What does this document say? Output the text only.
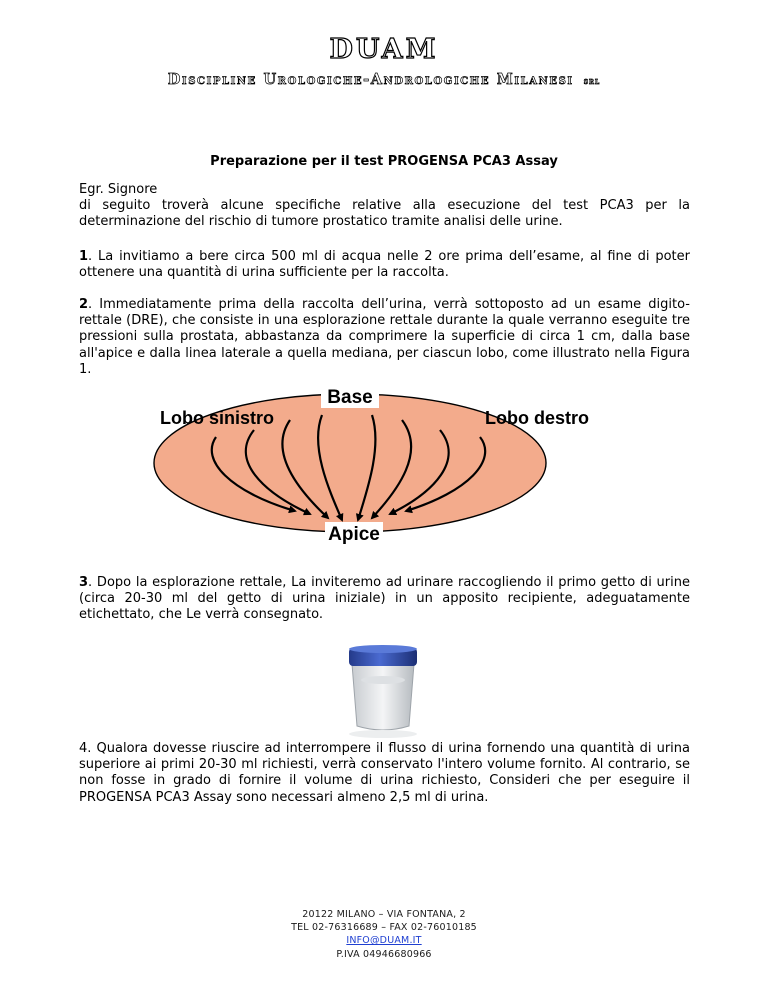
DUAM
Discipline Urologiche-Andrologiche Milanesi srl
Preparazione per il test PROGENSA PCA3 Assay
Egr. Signore
di seguito troverà alcune specifiche relative alla esecuzione del test PCA3 per la determinazione del rischio di tumore prostatico tramite analisi delle urine.
1. La invitiamo a bere circa 500 ml di acqua nelle 2 ore prima dell’esame, al fine di poter ottenere una quantità di urina sufficiente per la raccolta.
2. Immediatamente prima della raccolta dell’urina, verrà sottoposto ad un esame digito-rettale (DRE), che consiste in una esplorazione rettale durante la quale verranno eseguite tre pressioni sulla prostata, abbastanza da comprimere la superficie di circa 1 cm, dalla base all'apice e dalla linea laterale a quella mediana, per ciascun lobo, come illustrato nella Figura 1.
Base
Apice
Lobo sinistro	Lobo destro
3. Dopo la esplorazione rettale, La inviteremo ad urinare raccogliendo il primo getto di urine (circa 20-30 ml del getto di urina iniziale) in un apposito recipiente, adeguatamente etichettato, che Le verrà consegnato.
4. Qualora dovesse riuscire ad interrompere il flusso di urina fornendo una quantità di urina superiore ai primi 20-30 ml richiesti, verrà conservato l'intero volume fornito. Al contrario, se non fosse in grado di fornire il volume di urina richiesto, Consideri che per eseguire il PROGENSA PCA3 Assay sono necessari almeno 2,5 ml di urina.
20122 MILANO – VIA FONTANA, 2
TEL 02-76316689 – FAX 02-76010185
INFO@DUAM.IT
P.IVA 04946680966
